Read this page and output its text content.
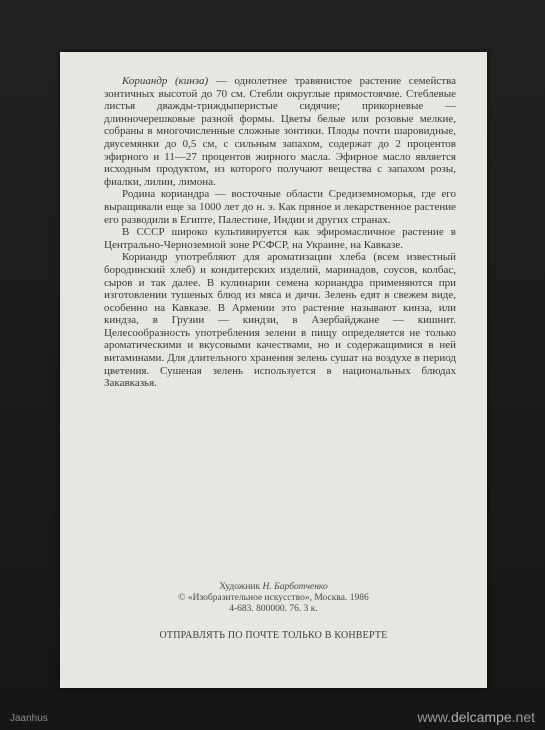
Кориандр (кинза) — однолетнее травянистое растение семейства зонтичных высотой до 70 см. Стебли округлые прямостоячие. Стеблевые листья дважды-триждыперистые сидячие; прикорневые — длинночерешковые разной формы. Цветы белые или розовые мелкие, собраны в многочисленные сложные зонтики. Плоды почти шаровидные, двусемянки до 0,5 см, с сильным запахом, содержат до 2 процентов эфирного и 11—27 процентов жирного масла. Эфирное масло является исходным продуктом, из которого получают вещества с запахом розы, фиалки, лилии, лимона.

Родина кориандра — восточные области Средиземноморья, где его выращивали еще за 1000 лет до н. э. Как пряное и лекарственное растение его разводили в Египте, Палестине, Индии и других странах.

В СССР широко культивируется как эфиромасличное растение в Центрально-Черноземной зоне РСФСР, на Украине, на Кавказе.

Кориандр употребляют для ароматизации хлеба (всем известный бородинский хлеб) и кондитерских изделий, маринадов, соусов, колбас, сыров и так далее. В кулинарии семена кориандра применяются при изготовлении тушеных блюд из мяса и дичи. Зелень едят в свежем виде, особенно на Кавказе. В Армении это растение называют кинза, или киндза, в Грузии — киндзи, в Азербайджане — кишнит. Целесообразность употребления зелени в пищу определяется не только ароматическими и вкусовыми качествами, но и содержащимися в ней витаминами. Для длительного хранения зелень сушат на воздухе в период цветения. Сушеная зелень используется в национальных блюдах Закавказья.

Художник Н. Барботченко
© «Изобразительное искусство», Москва. 1986
4-683. 800000. 76. 3 к.
ОТПРАВЛЯТЬ ПО ПОЧТЕ ТОЛЬКО В КОНВЕРТЕ
Jaanhus	www.delcampe.net
